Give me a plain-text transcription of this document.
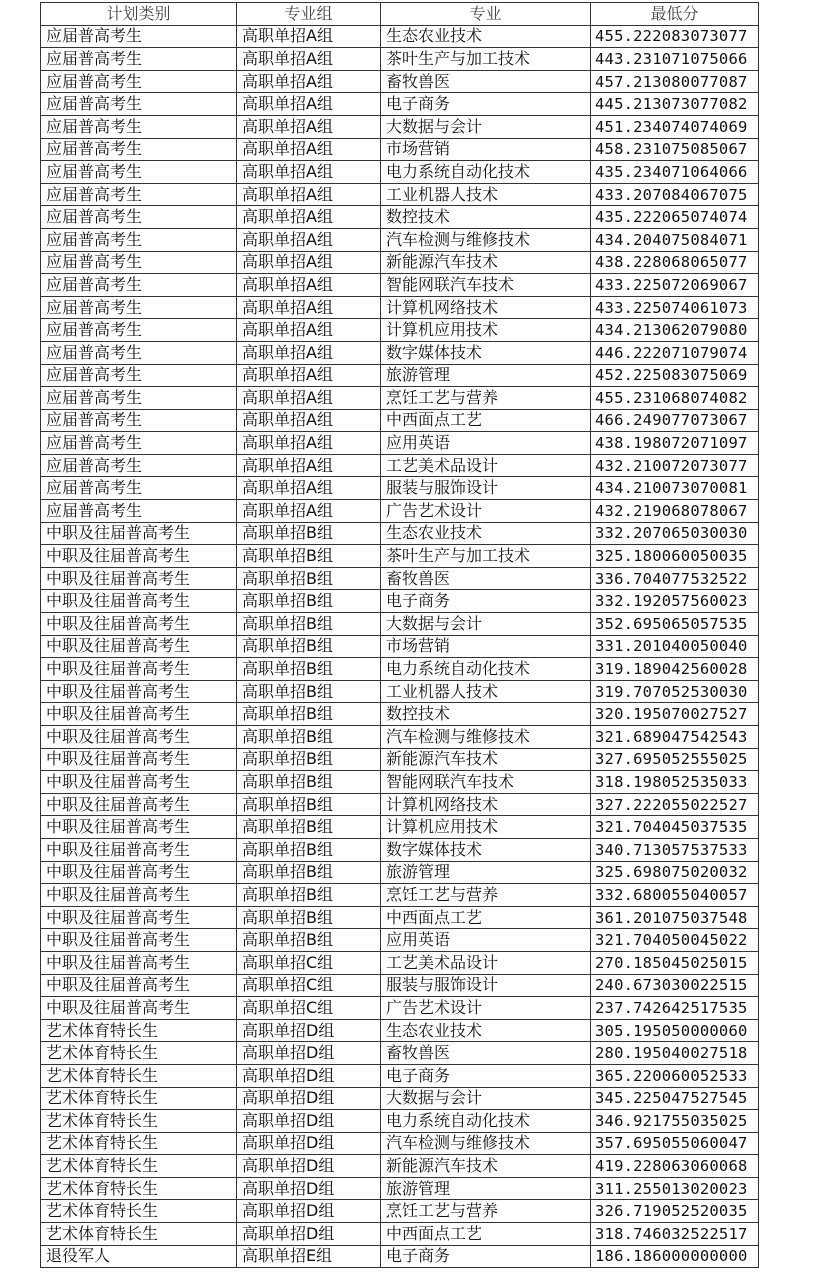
计划类别	专业组	专业	最低分
应届普高考生	高职单招A组	生态农业技术	455.222083073077
应届普高考生	高职单招A组	茶叶生产与加工技术	443.231071075066
应届普高考生	高职单招A组	畜牧兽医	457.213080077087
应届普高考生	高职单招A组	电子商务	445.213073077082
应届普高考生	高职单招A组	大数据与会计	451.234074074069
应届普高考生	高职单招A组	市场营销	458.231075085067
应届普高考生	高职单招A组	电力系统自动化技术	435.234071064066
应届普高考生	高职单招A组	工业机器人技术	433.207084067075
应届普高考生	高职单招A组	数控技术	435.222065074074
应届普高考生	高职单招A组	汽车检测与维修技术	434.204075084071
应届普高考生	高职单招A组	新能源汽车技术	438.228068065077
应届普高考生	高职单招A组	智能网联汽车技术	433.225072069067
应届普高考生	高职单招A组	计算机网络技术	433.225074061073
应届普高考生	高职单招A组	计算机应用技术	434.213062079080
应届普高考生	高职单招A组	数字媒体技术	446.222071079074
应届普高考生	高职单招A组	旅游管理	452.225083075069
应届普高考生	高职单招A组	烹饪工艺与营养	455.231068074082
应届普高考生	高职单招A组	中西面点工艺	466.249077073067
应届普高考生	高职单招A组	应用英语	438.198072071097
应届普高考生	高职单招A组	工艺美术品设计	432.210072073077
应届普高考生	高职单招A组	服装与服饰设计	434.210073070081
应届普高考生	高职单招A组	广告艺术设计	432.219068078067
中职及往届普高考生	高职单招B组	生态农业技术	332.207065030030
中职及往届普高考生	高职单招B组	茶叶生产与加工技术	325.180060050035
中职及往届普高考生	高职单招B组	畜牧兽医	336.704077532522
中职及往届普高考生	高职单招B组	电子商务	332.192057560023
中职及往届普高考生	高职单招B组	大数据与会计	352.695065057535
中职及往届普高考生	高职单招B组	市场营销	331.201040050040
中职及往届普高考生	高职单招B组	电力系统自动化技术	319.189042560028
中职及往届普高考生	高职单招B组	工业机器人技术	319.707052530030
中职及往届普高考生	高职单招B组	数控技术	320.195070027527
中职及往届普高考生	高职单招B组	汽车检测与维修技术	321.689047542543
中职及往届普高考生	高职单招B组	新能源汽车技术	327.695052555025
中职及往届普高考生	高职单招B组	智能网联汽车技术	318.198052535033
中职及往届普高考生	高职单招B组	计算机网络技术	327.222055022527
中职及往届普高考生	高职单招B组	计算机应用技术	321.704045037535
中职及往届普高考生	高职单招B组	数字媒体技术	340.713057537533
中职及往届普高考生	高职单招B组	旅游管理	325.698075020032
中职及往届普高考生	高职单招B组	烹饪工艺与营养	332.680055040057
中职及往届普高考生	高职单招B组	中西面点工艺	361.201075037548
中职及往届普高考生	高职单招B组	应用英语	321.704050045022
中职及往届普高考生	高职单招C组	工艺美术品设计	270.185045025015
中职及往届普高考生	高职单招C组	服装与服饰设计	240.673030022515
中职及往届普高考生	高职单招C组	广告艺术设计	237.742642517535
艺术体育特长生	高职单招D组	生态农业技术	305.195050000060
艺术体育特长生	高职单招D组	畜牧兽医	280.195040027518
艺术体育特长生	高职单招D组	电子商务	365.220060052533
艺术体育特长生	高职单招D组	大数据与会计	345.225047527545
艺术体育特长生	高职单招D组	电力系统自动化技术	346.921755035025
艺术体育特长生	高职单招D组	汽车检测与维修技术	357.695055060047
艺术体育特长生	高职单招D组	新能源汽车技术	419.228063060068
艺术体育特长生	高职单招D组	旅游管理	311.255013020023
艺术体育特长生	高职单招D组	烹饪工艺与营养	326.719052520035
艺术体育特长生	高职单招D组	中西面点工艺	318.746032522517
退役军人	高职单招E组	电子商务	186.186000000000
